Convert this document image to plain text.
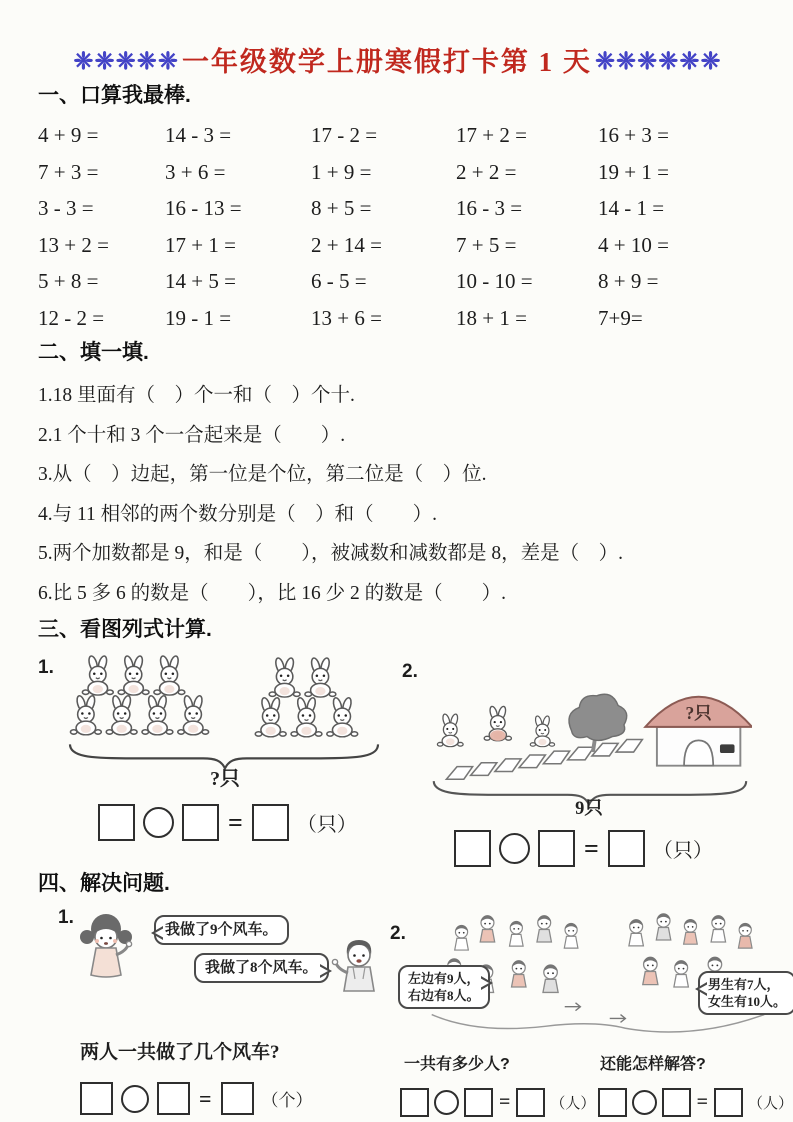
❈❈❈❈❈ 一年级数学上册寒假打卡第 1 天 ❈❈❈❈❈❈
一、口算我最棒.
4 + 9 =	14 - 3 =	17 - 2 =	17 + 2 =	16 + 3 =
7 + 3 =	3 + 6 =	1 + 9 =	2 + 2 =	19 + 1 =
3 - 3 =	16 - 13 =	8 + 5 =	16 - 3 =	14 - 1 =
13 + 2 =	17 + 1 =	2 + 14 =	7 + 5 =	4 + 10 =
5 + 8 =	14 + 5 =	6 - 5 =	10 - 10 =	8 + 9 =
12 - 2 =	19 - 1 =	13 + 6 =	18 + 1 =	7+9=
二、填一填.
1.18 里面有（　）个一和（　）个十.
2.1 个十和 3 个一合起来是（　　）.
3.从（　）边起，第一位是个位，第二位是（　）位.
4.与 11 相邻的两个数分别是（　）和（　　）.
5.两个加数都是 9，和是（　　），被减数和减数都是 8，差是（　）.
6.比 5 多 6 的数是（　　），比 16 少 2 的数是（　　）.
三、看图列式计算.
1.
?只
=	（只）
2.
?只
9只
=	（只）
四、解决问题.
1.
我做了9个风车。
我做了8个风车。
两人一共做了几个风车?
=	（个）
2.
左边有9人，
右边有8人。
男生有7人，
女生有10人。
一共有多少人?	还能怎样解答?
=	（人）	=	（人）
